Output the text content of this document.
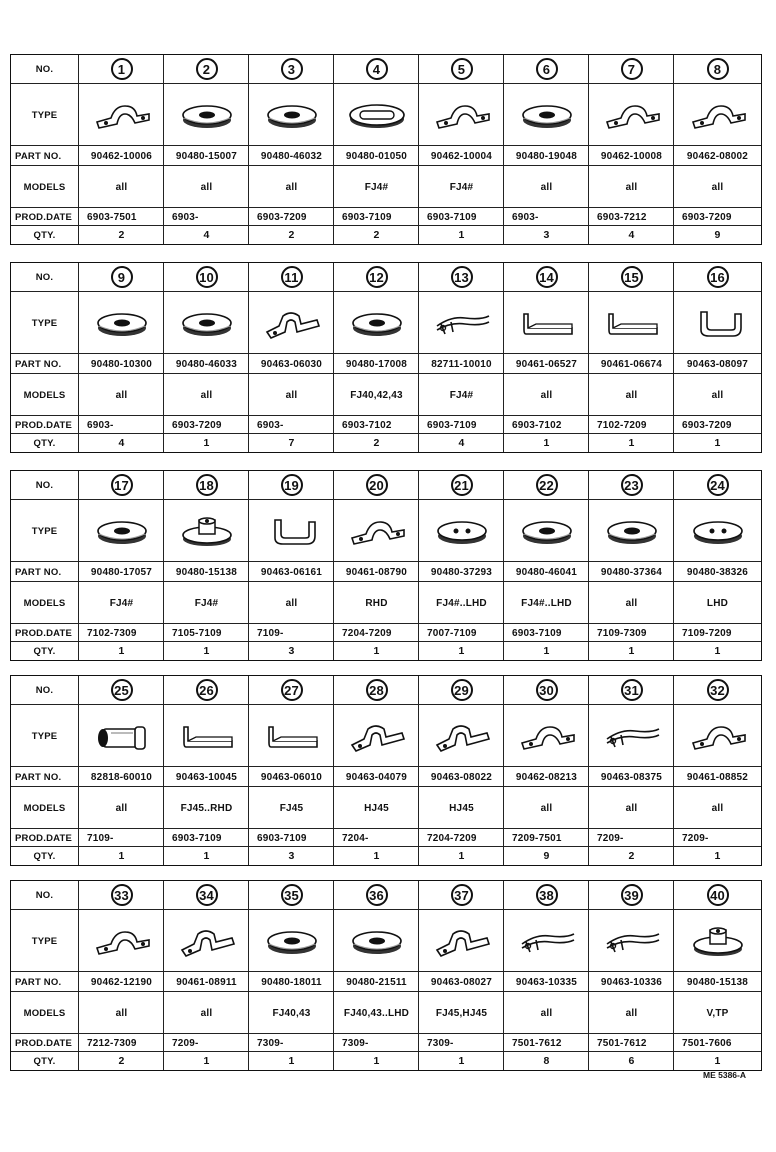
NO.	1	2	3	4	5	6	7	8
TYPE
PART NO.	90462-10006 90480-15007 90480-46032 90480-01050 90462-10004 90480-19048 90462-10008 90462-08002
MODELS	all	all	all	FJ4#	FJ4#	all	all	all
PROD.DATE	6903-7501	6903-	6903-7209	6903-7109	6903-7109	6903-	6903-7212	6903-7209
QTY.	2	4	2	2	1	3	4	9
NO.	9	10	11	12	13	14	15	16
TYPE
PART NO.	90480-10300 90480-46033 90463-06030 90480-17008 82711-10010 90461-06527 90461-06674 90463-08097
MODELS	all	all	all	FJ40,42,43	FJ4#	all	all	all
PROD.DATE	6903-	6903-7209	6903-	6903-7102	6903-7109	6903-7102	7102-7209	6903-7209
QTY.	4	1	7	2	4	1	1	1
NO.	17	18	19	20	21	22	23	24
TYPE
PART NO.	90480-17057 90480-15138 90463-06161 90461-08790 90480-37293 90480-46041 90480-37364 90480-38326
MODELS	FJ4#	FJ4#	all	RHD	FJ4#..LHD	FJ4#..LHD	all	LHD
PROD.DATE	7102-7309	7105-7109	7109-	7204-7209	7007-7109	6903-7109	7109-7309	7109-7209
QTY.	1	1	3	1	1	1	1	1
NO.	25	26	27	28	29	30	31	32
TYPE
PART NO.	82818-60010 90463-10045 90463-06010 90463-04079 90463-08022 90462-08213 90463-08375 90461-08852
MODELS	all	FJ45..RHD	FJ45	HJ45	HJ45	all	all	all
PROD.DATE	7109-	6903-7109	6903-7109	7204-	7204-7209	7209-7501	7209-	7209-
QTY.	1	1	3	1	1	9	2	1
NO.	33	34	35	36	37	38	39	40
TYPE
PART NO.	90462-12190 90461-08911 90480-18011 90480-21511 90463-08027 90463-10335 90463-10336 90480-15138
MODELS	all	all	FJ40,43	FJ40,43..LHD	FJ45,HJ45	all	all	V,TP
PROD.DATE	7212-7309	7209-	7309-	7309-	7309-	7501-7612	7501-7612	7501-7606
QTY.	2	1	1	1	1	8	6	1
ME 5386-A
